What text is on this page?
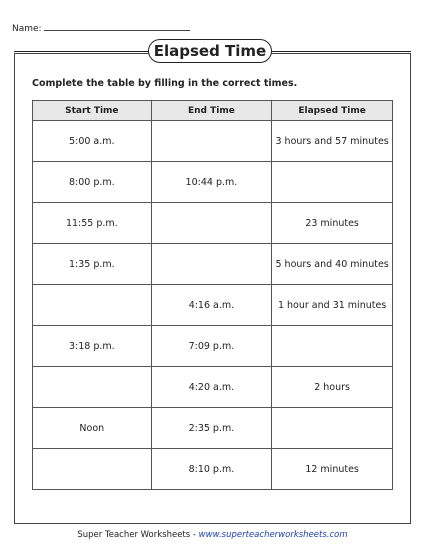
Name:
Elapsed Time
Complete the table by filling in the correct times.
Start Time	End Time	Elapsed Time
5:00 a.m.		3 hours and 57 minutes
8:00 p.m.	10:44 p.m.	
11:55 p.m.		23 minutes
1:35 p.m.		5 hours and 40 minutes
	4:16 a.m.	1 hour and 31 minutes
3:18 p.m.	7:09 p.m.	
	4:20 a.m.	2 hours
Noon	2:35 p.m.	
	8:10 p.m.	12 minutes
Super Teacher Worksheets - www.superteacherworksheets.com
